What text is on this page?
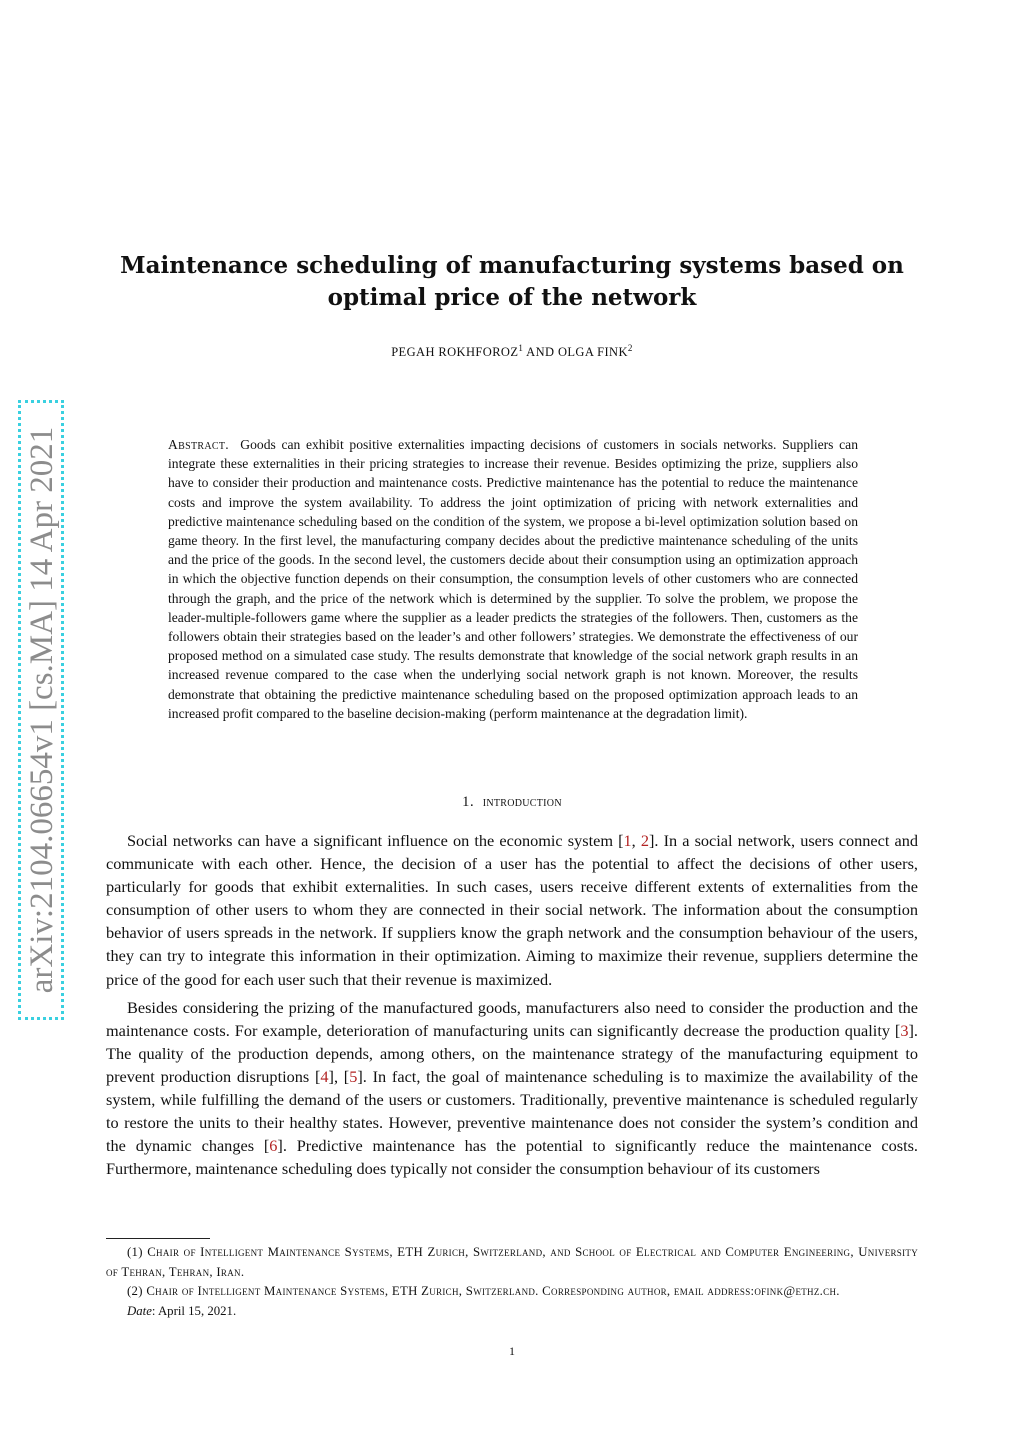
arXiv:2104.06654v1 [cs.MA] 14 Apr 2021
Maintenance scheduling of manufacturing systems based on
optimal price of the network
PEGAH ROKHFOROZ$^1$ AND OLGA FINK$^2$
Abstract. Goods can exhibit positive externalities impacting decisions of customers in socials networks. Suppliers can integrate these externalities in their pricing strategies to increase their revenue. Besides optimizing the prize, suppliers also have to consider their production and maintenance costs. Predictive maintenance has the potential to reduce the maintenance costs and improve the system availability. To address the joint optimization of pricing with network externalities and predictive maintenance scheduling based on the condition of the system, we propose a bi-level optimization solution based on game theory. In the first level, the manufacturing company decides about the predictive maintenance scheduling of the units and the price of the goods. In the second level, the customers decide about their consumption using an optimization approach in which the objective function depends on their consumption, the consumption levels of other customers who are connected through the graph, and the price of the network which is determined by the supplier. To solve the problem, we propose the leader-multiple-followers game where the supplier as a leader predicts the strategies of the followers. Then, customers as the followers obtain their strategies based on the leader’s and other followers’ strategies. We demonstrate the effectiveness of our proposed method on a simulated case study. The results demonstrate that knowledge of the social network graph results in an increased revenue compared to the case when the underlying social network graph is not known. Moreover, the results demonstrate that obtaining the predictive maintenance scheduling based on the proposed optimization approach leads to an increased profit compared to the baseline decision-making (perform maintenance at the degradation limit).
1. introduction

Social networks can have a significant influence on the economic system [1, 2]. In a social network, users connect and communicate with each other. Hence, the decision of a user has the potential to affect the decisions of other users, particularly for goods that exhibit externalities. In such cases, users receive different extents of externalities from the consumption of other users to whom they are connected in their social network. The information about the consumption behavior of users spreads in the network. If suppliers know the graph network and the consumption behaviour of the users, they can try to integrate this information in their optimization. Aiming to maximize their revenue, suppliers determine the price of the good for each user such that their revenue is maximized.

Besides considering the prizing of the manufactured goods, manufacturers also need to consider the production and the maintenance costs. For example, deterioration of manufacturing units can significantly decrease the production quality [3]. The quality of the production depends, among others, on the maintenance strategy of the manufacturing equipment to prevent production disruptions [4], [5]. In fact, the goal of maintenance scheduling is to maximize the availability of the system, while fulfilling the demand of the users or customers. Traditionally, preventive maintenance is scheduled regularly to restore the units to their healthy states. However, preventive maintenance does not consider the system’s condition and the dynamic changes [6]. Predictive maintenance has the potential to significantly reduce the maintenance costs. Furthermore, maintenance scheduling does typically not consider the consumption behaviour of its customers

(1) Chair of Intelligent Maintenance Systems, ETH Zurich, Switzerland, and School of Electrical and Computer Engineering, University of Tehran, Tehran, Iran.

(2) Chair of Intelligent Maintenance Systems, ETH Zurich, Switzerland. Corresponding author, email address:ofink@ethz.ch.

Date: April 15, 2021.

1
